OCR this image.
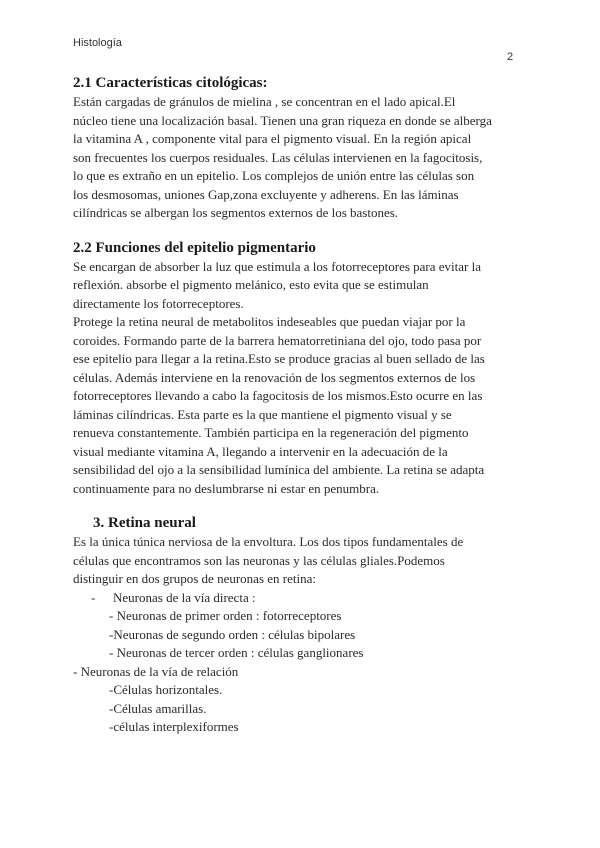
Histología
2
2.1 Características citológicas:
Están cargadas de gránulos de mielina , se concentran en el lado apical.El
núcleo tiene una localización basal. Tienen una gran riqueza en donde se alberga
la vitamina A , componente vital para el pigmento visual. En la región apical
son frecuentes los cuerpos residuales. Las células intervienen en la fagocitosis,
lo que es extraño en un epitelio. Los complejos de unión entre las células son
los desmosomas, uniones Gap,zona excluyente y adherens. En las láminas
cilíndricas se albergan los segmentos externos de los bastones.
2.2 Funciones del epitelio pigmentario
Se encargan de absorber la luz que estimula a los fotorreceptores para evitar la
reflexión. absorbe el pigmento melánico, esto evita que se estimulan
directamente los fotorreceptores.
Protege la retina neural de metabolitos indeseables que puedan viajar por la
coroides. Formando parte de la barrera hematorretiniana del ojo, todo pasa por
ese epitelio para llegar a la retina.Esto se produce gracias al buen sellado de las
células. Además interviene en la renovación de los segmentos externos de los
fotorreceptores llevando a cabo la fagocitosis de los mismos.Esto ocurre en las
láminas cilíndricas. Esta parte es la que mantiene el pigmento visual y se
renueva constantemente. También participa en la regeneración del pigmento
visual mediante vitamina A, llegando a intervenir en la adecuación de la
sensibilidad del ojo a la sensibilidad lumínica del ambiente. La retina se adapta
continuamente para no deslumbrarse ni estar en penumbra.
3. Retina neural
Es la única túnica nerviosa de la envoltura. Los dos tipos fundamentales de
células que encontramos son las neuronas y las células gliales.Podemos
distinguir en dos grupos de neuronas en retina:
-	Neuronas de la vía directa :
- Neuronas de primer orden : fotorreceptores
-Neuronas de segundo orden : células bipolares
- Neuronas de tercer orden : células ganglionares
- Neuronas de la vía de relación
-Células horizontales.
-Células amarillas.
-células interplexiformes
